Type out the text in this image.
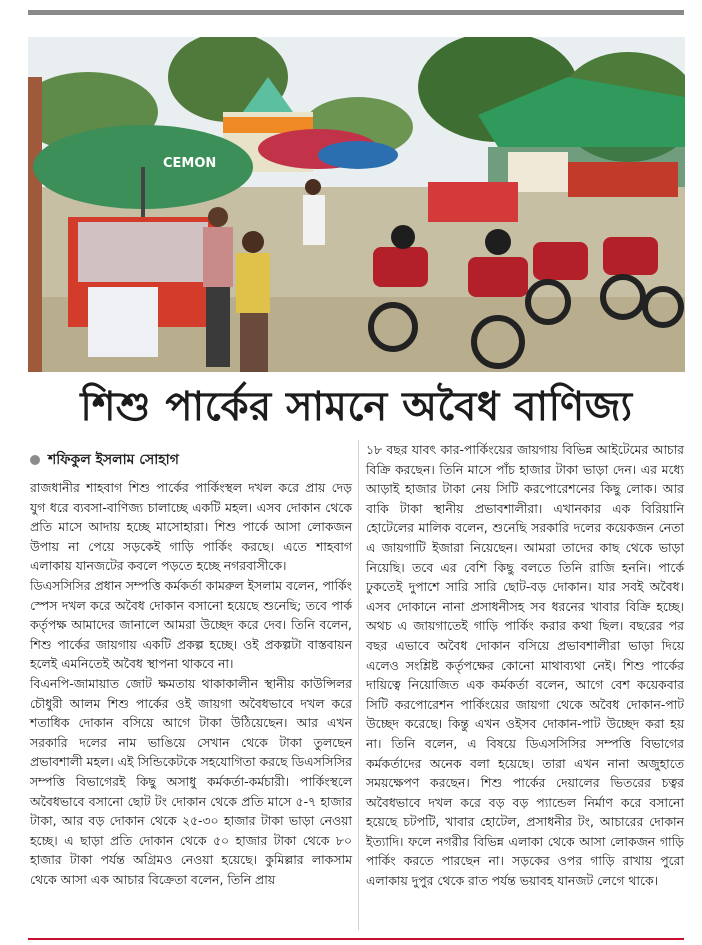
CEMON
শিশু পার্কের সামনে অবৈধ বাণিজ্য
শফিকুল ইসলাম সোহাগ

রাজধানীর শাহবাগ শিশু পার্কের পার্কিংস্থল দখল করে প্রায় দেড় যুগ ধরে ব্যবসা-বাণিজ্য চালাচ্ছে একটি মহল। এসব দোকান থেকে প্রতি মাসে আদায় হচ্ছে মাসোহারা। শিশু পার্কে আসা লোকজন উপায় না পেয়ে সড়কেই গাড়ি পার্কিং করছে। এতে শাহবাগ এলাকায় যানজটের কবলে পড়তে হচ্ছে নগরবাসীকে।

ডিএসসিসির প্রধান সম্পত্তি কর্মকর্তা কামরুল ইসলাম বলেন, পার্কিং স্পেস দখল করে অবৈধ দোকান বসানো হয়েছে শুনেছি; তবে পার্ক কর্তৃপক্ষ আমাদের জানালে আমরা উচ্ছেদ করে দেব। তিনি বলেন, শিশু পার্কের জায়গায় একটি প্রকল্প হচ্ছে। ওই প্রকল্পটা বাস্তবায়ন হলেই এমনিতেই অবৈধ স্থাপনা থাকবে না।

বিএনপি-জামায়াত জোট ক্ষমতায় থাকাকালীন স্থানীয় কাউন্সিলর চৌধুরী আলম শিশু পার্কের ওই জায়গা অবৈধভাবে দখল করে শতাধিক দোকান বসিয়ে আগে টাকা উঠিয়েছেন। আর এখন সরকারি দলের নাম ভাঙিয়ে সেখান থেকে টাকা তুলছেন প্রভাবশালী মহল। এই সিন্ডিকেটকে সহযোগিতা করছে ডিএসসিসির সম্পত্তি বিভাগেরই কিছু অসাধু কর্মকর্তা-কর্মচারী। পার্কিংস্থলে অবৈধভাবে বসানো ছোট টং দোকান থেকে প্রতি মাসে ৫-৭ হাজার টাকা, আর বড় দোকান থেকে ২৫-৩০ হাজার টাকা ভাড়া নেওয়া হচ্ছে। এ ছাড়া প্রতি দোকান থেকে ৫০ হাজার টাকা থেকে ৮০ হাজার টাকা পর্যন্ত অগ্রিমও নেওয়া হয়েছে। কুমিল্লার লাকসাম থেকে আসা এক আচার বিক্রেতা বলেন, তিনি প্রায়

১৮ বছর যাবৎ কার-পার্কিংয়ের জায়গায় বিভিন্ন আইটেমের আচার বিক্রি করছেন। তিনি মাসে পাঁচ হাজার টাকা ভাড়া দেন। এর মধ্যে আড়াই হাজার টাকা নেয় সিটি করপোরেশনের কিছু লোক। আর বাকি টাকা স্থানীয় প্রভাবশালীরা। এখানকার এক বিরিয়ানি হোটেলের মালিক বলেন, শুনেছি সরকারি দলের কয়েকজন নেতা এ জায়গাটি ইজারা নিয়েছেন। আমরা তাদের কাছ থেকে ভাড়া নিয়েছি। তবে এর বেশি কিছু বলতে তিনি রাজি হননি। পার্কে ঢুকতেই দুপাশে সারি সারি ছোট-বড় দোকান। যার সবই অবৈধ। এসব দোকানে নানা প্রসাধনীসহ সব ধরনের খাবার বিক্রি হচ্ছে। অথচ এ জায়গাতেই গাড়ি পার্কিং করার কথা ছিল। বছরের পর বছর এভাবে অবৈধ দোকান বসিয়ে প্রভাবশালীরা ভাড়া দিয়ে এলেও সংশ্লিষ্ট কর্তৃপক্ষের কোনো মাথাব্যথা নেই। শিশু পার্কের দায়িত্বে নিয়োজিত এক কর্মকর্তা বলেন, আগে বেশ কয়েকবার সিটি করপোরেশন পার্কিংয়ের জায়গা থেকে অবৈধ দোকান-পাট উচ্ছেদ করেছে। কিন্তু এখন ওইসব দোকান-পাট উচ্ছেদ করা হয় না। তিনি বলেন, এ বিষয়ে ডিএসসিসির সম্পত্তি বিভাগের কর্মকর্তাদের অনেক বলা হয়েছে। তারা এখন নানা অজুহাতে সময়ক্ষেপণ করছেন। শিশু পার্কের দেয়ালের ভিতরের চত্বর অবৈধভাবে দখল করে বড় বড় প্যান্ডেল নির্মাণ করে বসানো হয়েছে চটপটি, খাবার হোটেল, প্রসাধনীর টং, আচারের দোকান ইত্যাদি। ফলে নগরীর বিভিন্ন এলাকা থেকে আসা লোকজন গাড়ি পার্কিং করতে পারছেন না। সড়কের ওপর গাড়ি রাখায় পুরো এলাকায় দুপুর থেকে রাত পর্যন্ত ভয়াবহ যানজট লেগে থাকে।
